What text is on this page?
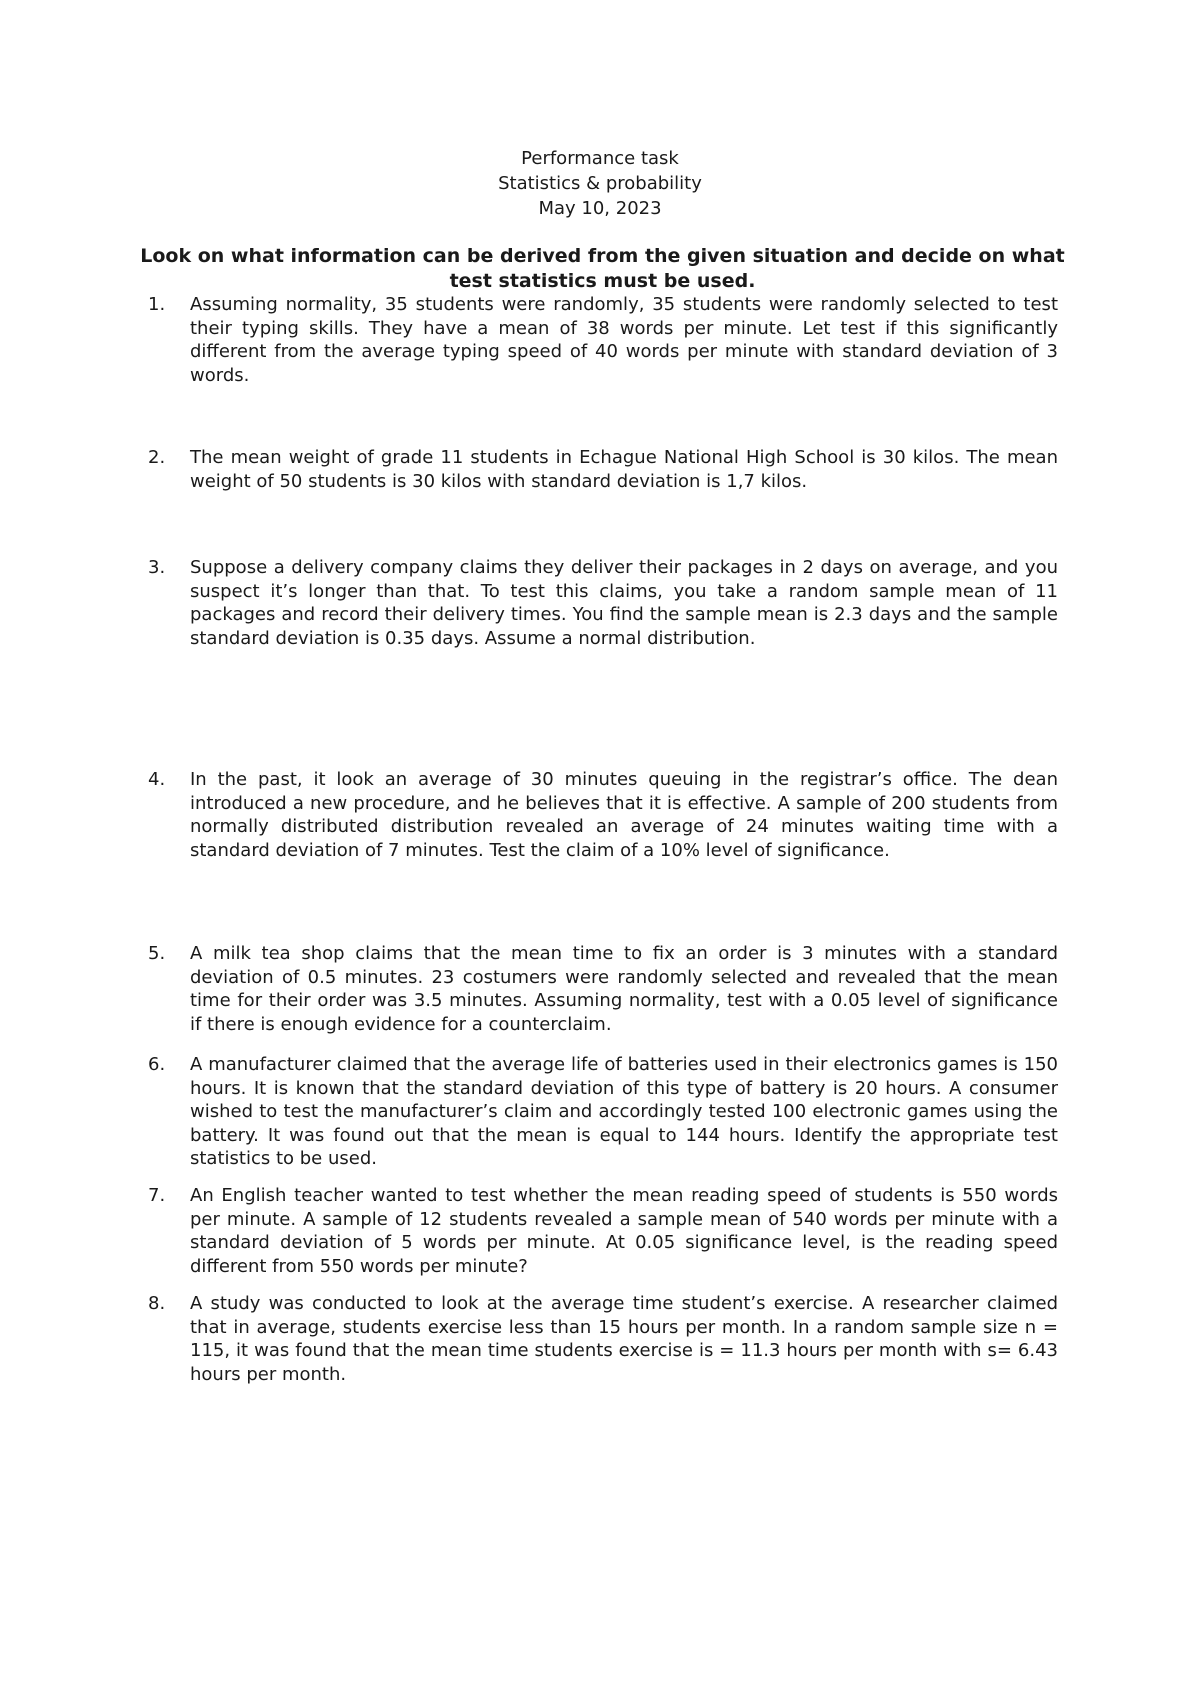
Performance task
Statistics & probability
May 10, 2023
Look on what information can be derived from the given situation and decide on what test statistics must be used.
1.	Assuming normality, 35 students were randomly, 35 students were randomly selected to test their typing skills. They have a mean of 38 words per minute. Let test if this significantly different from the average typing speed of 40 words per minute with standard deviation of 3 words.
2.	The mean weight of grade 11 students in Echague National High School is 30 kilos. The mean weight of 50 students is 30 kilos with standard deviation is 1,7 kilos.
3.	Suppose a delivery company claims they deliver their packages in 2 days on average, and you suspect it’s longer than that. To test this claims, you take a random sample mean of 11 packages and record their delivery times. You find the sample mean is 2.3 days and the sample standard deviation is 0.35 days. Assume a normal distribution.
4.	In the past, it look an average of 30 minutes queuing in the registrar’s office. The dean introduced a new procedure, and he believes that it is effective. A sample of 200 students from normally distributed distribution revealed an average of 24 minutes waiting time with a standard deviation of 7 minutes. Test the claim of a 10% level of significance.
5.	A milk tea shop claims that the mean time to fix an order is 3 minutes with a standard deviation of 0.5 minutes. 23 costumers were randomly selected and revealed that the mean time for their order was 3.5 minutes. Assuming normality, test with a 0.05 level of significance if there is enough evidence for a counterclaim.
6.	A manufacturer claimed that the average life of batteries used in their electronics games is 150 hours. It is known that the standard deviation of this type of battery is 20 hours. A consumer wished to test the manufacturer’s claim and accordingly tested 100 electronic games using the battery. It was found out that the mean is equal to 144 hours. Identify the appropriate test statistics to be used.
7.	An English teacher wanted to test whether the mean reading speed of students is 550 words per minute. A sample of 12 students revealed a sample mean of 540 words per minute with a standard deviation of 5 words per minute. At 0.05 significance level, is the reading speed different from 550 words per minute?
8.	A study was conducted to look at the average time student’s exercise. A researcher claimed that in average, students exercise less than 15 hours per month. In a random sample size n = 115, it was found that the mean time students exercise is = 11.3 hours per month with s= 6.43 hours per month.
